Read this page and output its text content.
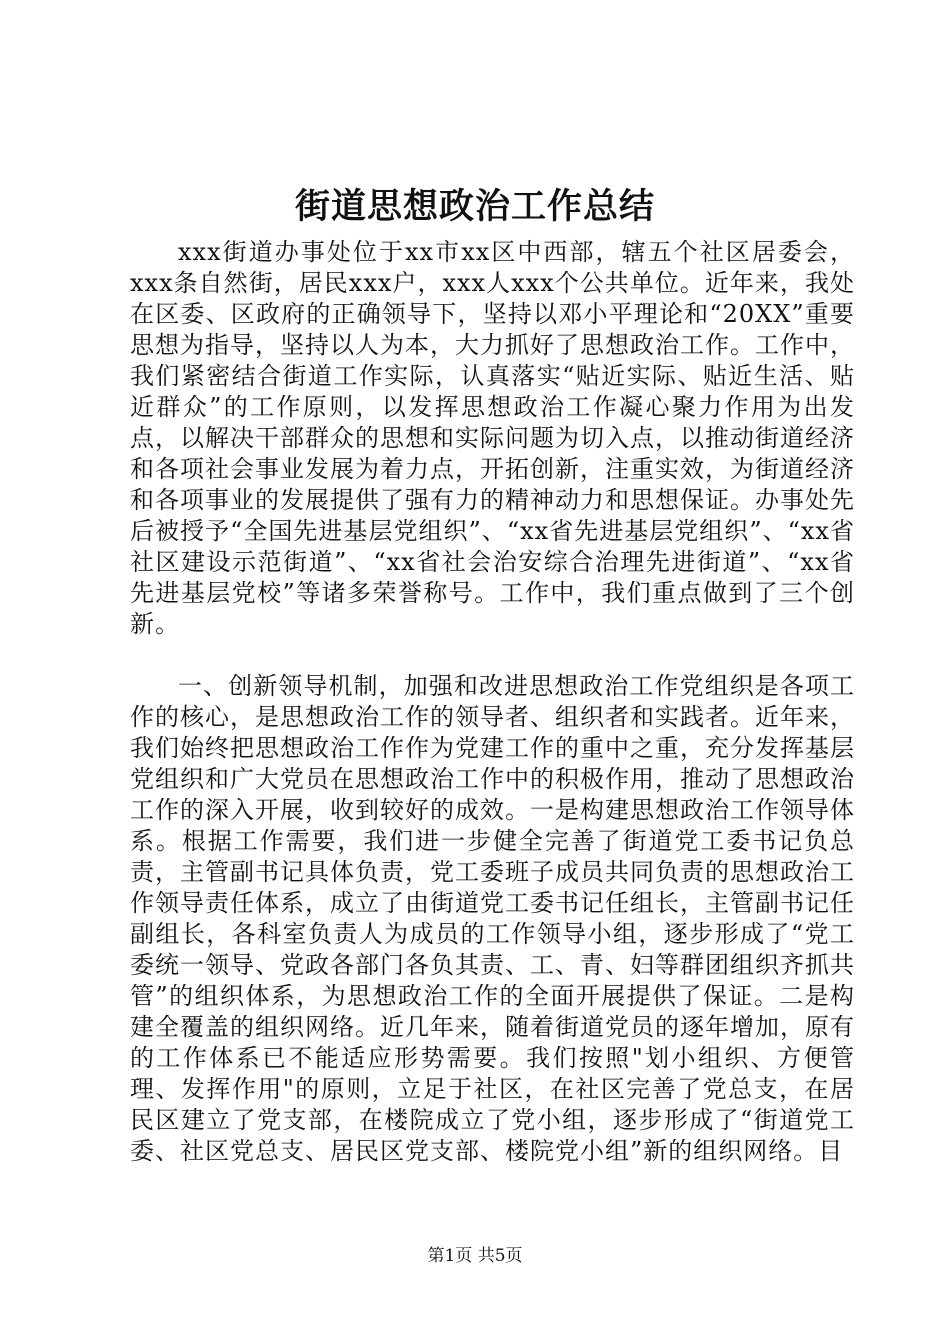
街道思想政治工作总结

xxx街道办事处位于xx市xx区中西部，辖五个社区居委会，xxx条自然街，居民xxx户，xxx人xxx个公共单位。近年来，我处在区委、区政府的正确领导下，坚持以邓小平理论和“20XX”重要思想为指导，坚持以人为本，大力抓好了思想政治工作。工作中，我们紧密结合街道工作实际，认真落实“贴近实际、贴近生活、贴近群众”的工作原则，以发挥思想政治工作凝心聚力作用为出发点，以解决干部群众的思想和实际问题为切入点，以推动街道经济和各项社会事业发展为着力点，开拓创新，注重实效，为街道经济和各项事业的发展提供了强有力的精神动力和思想保证。办事处先后被授予“全国先进基层党组织”、“xx省先进基层党组织”、“xx省社区建设示范街道”、“xx省社会治安综合治理先进街道”、“xx省先进基层党校”等诸多荣誉称号。工作中，我们重点做到了三个创新。

一、创新领导机制，加强和改进思想政治工作党组织是各项工作的核心，是思想政治工作的领导者、组织者和实践者。近年来，我们始终把思想政治工作作为党建工作的重中之重，充分发挥基层党组织和广大党员在思想政治工作中的积极作用，推动了思想政治工作的深入开展，收到较好的成效。一是构建思想政治工作领导体系。根据工作需要，我们进一步健全完善了街道党工委书记负总责，主管副书记具体负责，党工委班子成员共同负责的思想政治工作领导责任体系，成立了由街道党工委书记任组长，主管副书记任副组长，各科室负责人为成员的工作领导小组，逐步形成了“党工委统一领导、党政各部门各负其责、工、青、妇等群团组织齐抓共管”的组织体系，为思想政治工作的全面开展提供了保证。二是构建全覆盖的组织网络。近几年来，随着街道党员的逐年增加，原有的工作体系已不能适应形势需要。我们按照"划小组织、方便管理、发挥作用"的原则，立足于社区，在社区完善了党总支，在居民区建立了党支部，在楼院成立了党小组，逐步形成了“街道党工委、社区党总支、居民区党支部、楼院党小组”新的组织网络。目

第1页 共5页
